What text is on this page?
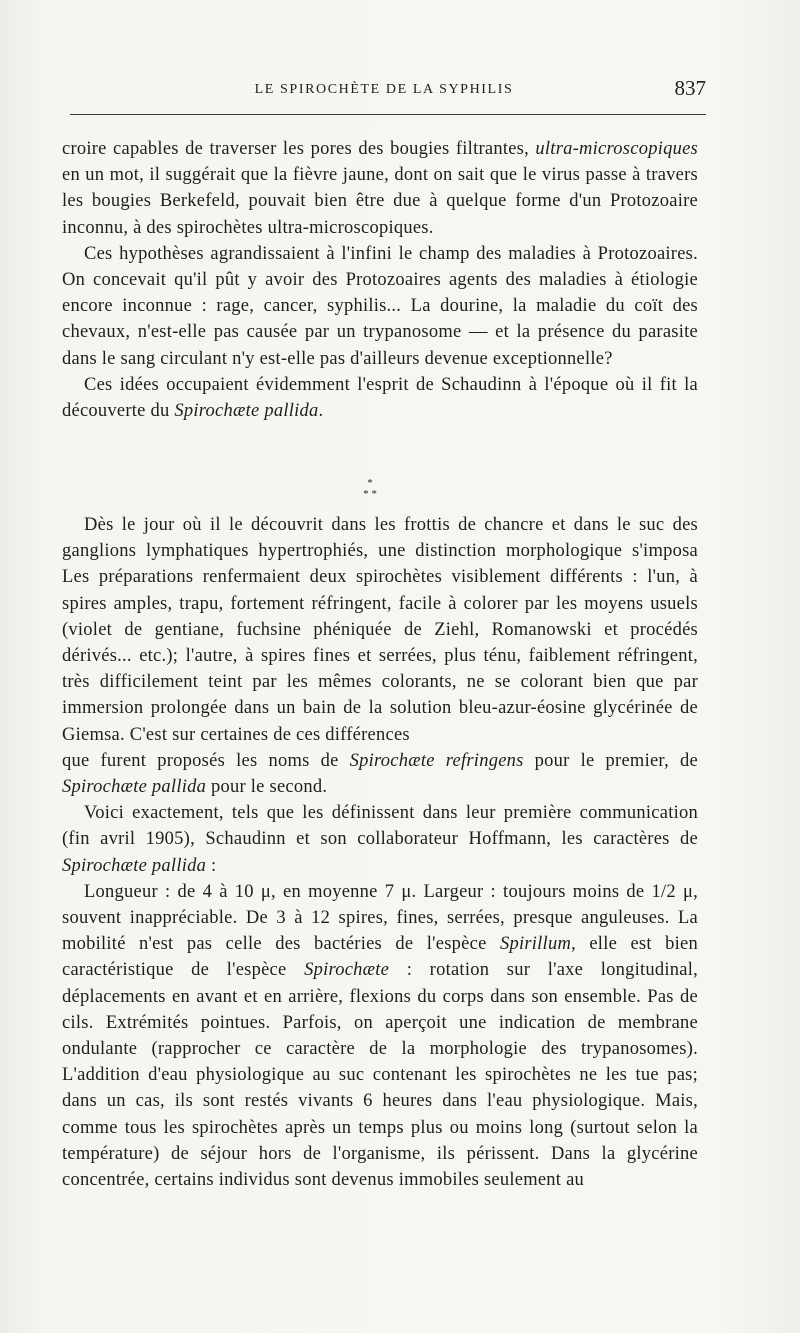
LE SPIROCHÈTE DE LA SYPHILIS	837

croire capables de traverser les pores des bougies filtrantes, ultra-microscopiques en un mot, il suggérait que la fièvre jaune, dont on sait que le virus passe à travers les bougies Berkefeld, pouvait bien être due à quelque forme d'un Protozoaire inconnu, à des spirochètes ultra-microscopiques.

Ces hypothèses agrandissaient à l'infini le champ des maladies à Protozoaires. On concevait qu'il pût y avoir des Protozoaires agents des maladies à étiologie encore inconnue : rage, cancer, syphilis... La dourine, la maladie du coït des chevaux, n'est-elle pas causée par un trypanosome — et la présence du parasite dans le sang circulant n'y est-elle pas d'ailleurs devenue exceptionnelle?

Ces idées occupaient évidemment l'esprit de Schaudinn à l'époque où il fit la découverte du Spirochæte pallida.

*
* *

Dès le jour où il le découvrit dans les frottis de chancre et dans le suc des ganglions lymphatiques hypertrophiés, une distinction morphologique s'imposa Les préparations renfermaient deux spirochètes visiblement différents : l'un, à spires amples, trapu, fortement réfringent, facile à colorer par les moyens usuels (violet de gentiane, fuchsine phéniquée de Ziehl, Romanowski et procédés dérivés... etc.); l'autre, à spires fines et serrées, plus ténu, faiblement réfringent, très difficilement teint par les mêmes colorants, ne se colorant bien que par immersion prolongée dans un bain de la solution bleu-azur-éosine glycérinée de Giemsa. C'est sur certaines de ces différences

que furent proposés les noms de Spirochæte refringens pour le premier, de Spirochæte pallida pour le second.

Voici exactement, tels que les définissent dans leur première communication (fin avril 1905), Schaudinn et son collaborateur Hoffmann, les caractères de Spirochæte pallida :

Longueur : de 4 à 10 μ, en moyenne 7 μ. Largeur : toujours moins de 1/2 μ, souvent inappréciable. De 3 à 12 spires, fines, serrées, presque anguleuses. La mobilité n'est pas celle des bactéries de l'espèce Spirillum, elle est bien caractéristique de l'espèce Spirochæte : rotation sur l'axe longitudinal, déplacements en avant et en arrière, flexions du corps dans son ensemble. Pas de cils. Extrémités pointues. Parfois, on aperçoit une indication de membrane ondulante (rapprocher ce caractère de la morphologie des trypanosomes). L'addition d'eau physiologique au suc contenant les spirochètes ne les tue pas; dans un cas, ils sont restés vivants 6 heures dans l'eau physiologique. Mais, comme tous les spirochètes après un temps plus ou moins long (surtout selon la température) de séjour hors de l'organisme, ils périssent. Dans la glycérine concentrée, certains individus sont devenus immobiles seulement au
